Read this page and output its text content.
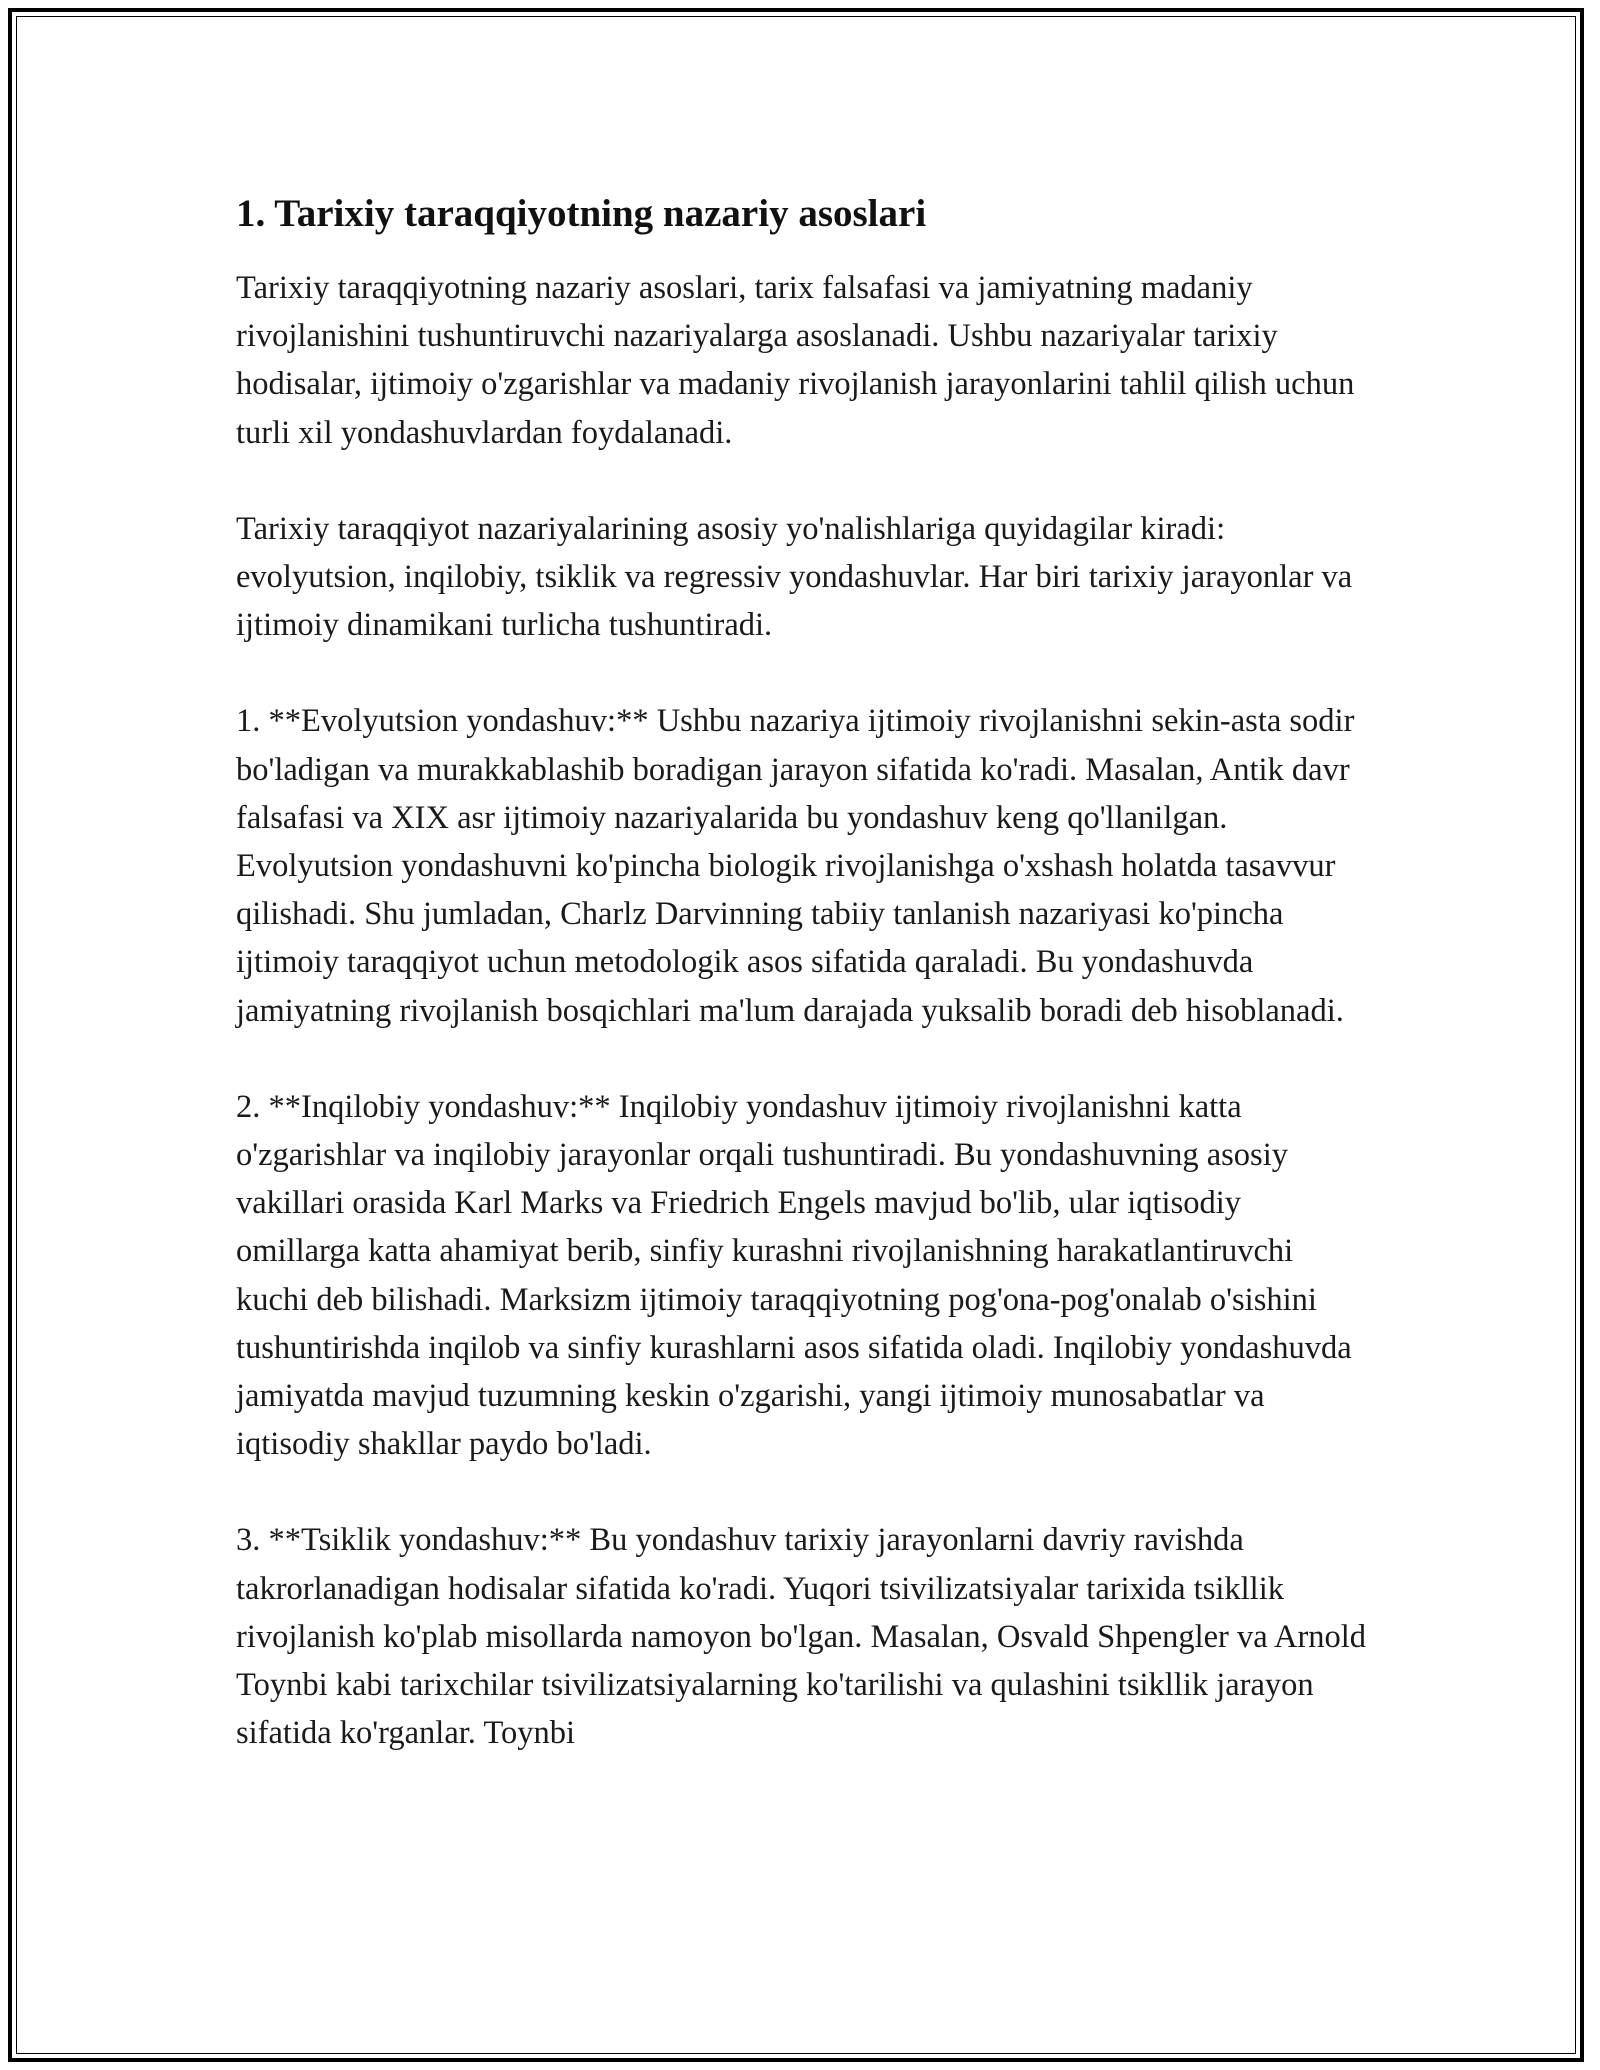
1. Tarixiy taraqqiyotning nazariy asoslari

Tarixiy taraqqiyotning nazariy asoslari, tarix falsafasi va jamiyatning madaniy rivojlanishini tushuntiruvchi nazariyalarga asoslanadi. Ushbu nazariyalar tarixiy hodisalar, ijtimoiy o'zgarishlar va madaniy rivojlanish jarayonlarini tahlil qilish uchun turli xil yondashuvlardan foydalanadi.

Tarixiy taraqqiyot nazariyalarining asosiy yo'nalishlariga quyidagilar kiradi: evolyutsion, inqilobiy, tsiklik va regressiv yondashuvlar. Har biri tarixiy jarayonlar va ijtimoiy dinamikani turlicha tushuntiradi.

1. **Evolyutsion yondashuv:** Ushbu nazariya ijtimoiy rivojlanishni sekin-asta sodir bo'ladigan va murakkablashib boradigan jarayon sifatida ko'radi. Masalan, Antik davr falsafasi va XIX asr ijtimoiy nazariyalarida bu yondashuv keng qo'llanilgan. Evolyutsion yondashuvni ko'pincha biologik rivojlanishga o'xshash holatda tasavvur qilishadi. Shu jumladan, Charlz Darvinning tabiiy tanlanish nazariyasi ko'pincha ijtimoiy taraqqiyot uchun metodologik asos sifatida qaraladi. Bu yondashuvda jamiyatning rivojlanish bosqichlari ma'lum darajada yuksalib boradi deb hisoblanadi.

2. **Inqilobiy yondashuv:** Inqilobiy yondashuv ijtimoiy rivojlanishni katta o'zgarishlar va inqilobiy jarayonlar orqali tushuntiradi. Bu yondashuvning asosiy vakillari orasida Karl Marks va Friedrich Engels mavjud bo'lib, ular iqtisodiy omillarga katta ahamiyat berib, sinfiy kurashni rivojlanishning harakatlantiruvchi kuchi deb bilishadi. Marksizm ijtimoiy taraqqiyotning pog'ona-pog'onalab o'sishini tushuntirishda inqilob va sinfiy kurashlarni asos sifatida oladi. Inqilobiy yondashuvda jamiyatda mavjud tuzumning keskin o'zgarishi, yangi ijtimoiy munosabatlar va iqtisodiy shakllar paydo bo'ladi.

3. **Tsiklik yondashuv:** Bu yondashuv tarixiy jarayonlarni davriy ravishda takrorlanadigan hodisalar sifatida ko'radi. Yuqori tsivilizatsiyalar tarixida tsikllik rivojlanish ko'plab misollarda namoyon bo'lgan. Masalan, Osvald Shpengler va Arnold Toynbi kabi tarixchilar tsivilizatsiyalarning ko'tarilishi va qulashini tsikllik jarayon sifatida ko'rganlar. Toynbi
